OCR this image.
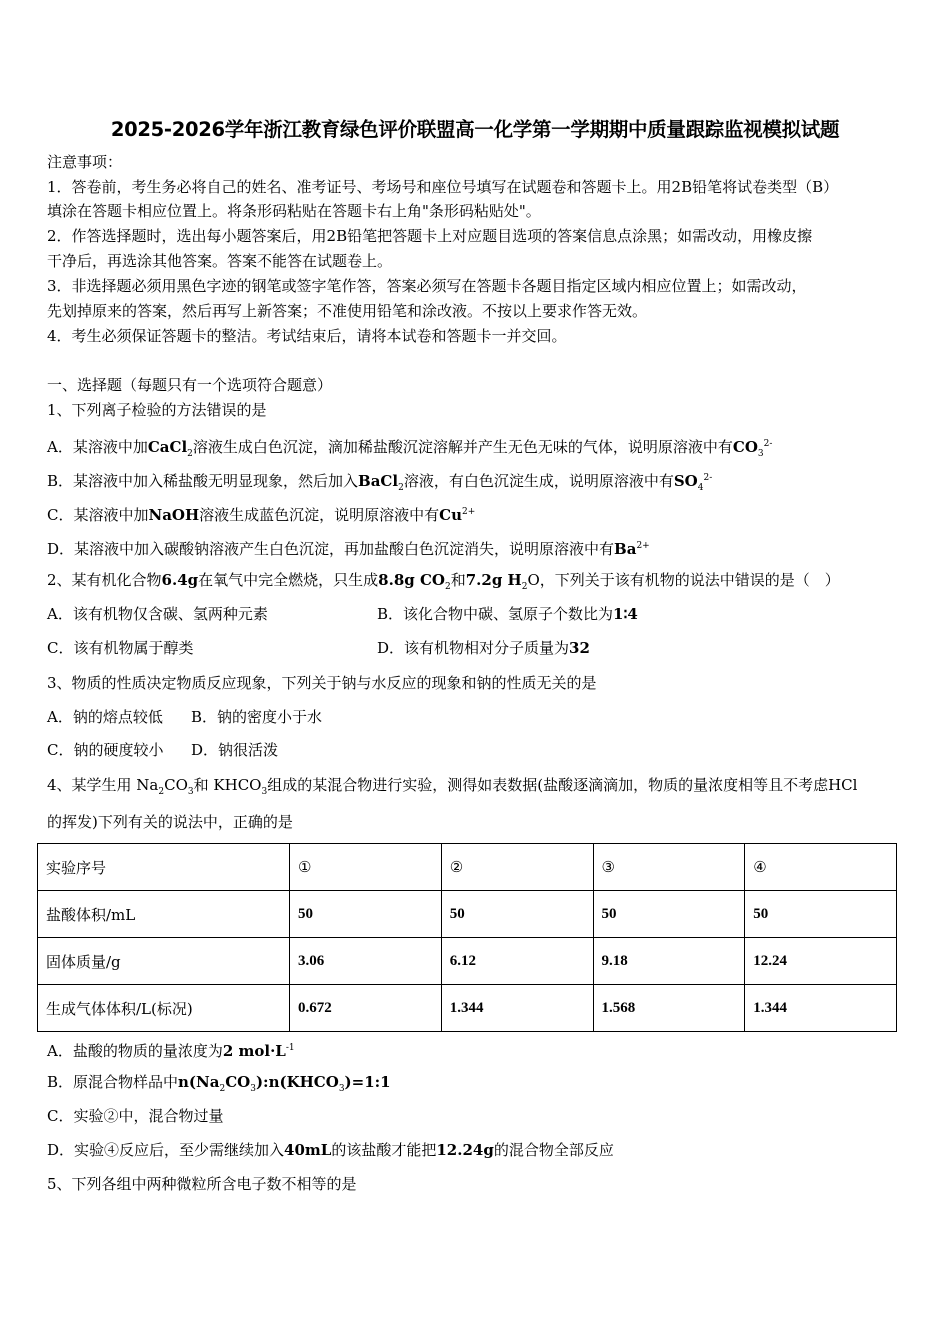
2025-2026学年浙江教育绿色评价联盟高一化学第一学期期中质量跟踪监视模拟试题
注意事项：
1．答卷前，考生务必将自己的姓名、准考证号、考场号和座位号填写在试题卷和答题卡上。用2B铅笔将试卷类型（B）
填涂在答题卡相应位置上。将条形码粘贴在答题卡右上角"条形码粘贴处"。
2．作答选择题时，选出每小题答案后，用2B铅笔把答题卡上对应题目选项的答案信息点涂黑；如需改动，用橡皮擦
干净后，再选涂其他答案。答案不能答在试题卷上。
3．非选择题必须用黑色字迹的钢笔或签字笔作答，答案必须写在答题卡各题目指定区域内相应位置上；如需改动，
先划掉原来的答案，然后再写上新答案；不准使用铅笔和涂改液。不按以上要求作答无效。
4．考生必须保证答题卡的整洁。考试结束后，请将本试卷和答题卡一并交回。
一、选择题（每题只有一个选项符合题意）
1、下列离子检验的方法错误的是
A．某溶液中加CaCl$_2$溶液生成白色沉淀，滴加稀盐酸沉淀溶解并产生无色无味的气体，说明原溶液中有$CO_3^{2-}$
B．某溶液中加入稀盐酸无明显现象，然后加入BaCl$_2$溶液，有白色沉淀生成，说明原溶液中有$SO_4^{2-}$
C．某溶液中加NaOH溶液生成蓝色沉淀，说明原溶液中有$Cu^{2+}$
D．某溶液中加入碳酸钠溶液产生白色沉淀，再加盐酸白色沉淀消失，说明原溶液中有$Ba^{2+}$
2、某有机化合物6.4g在氧气中完全燃烧，只生成8.8g $CO_2$和7.2g $H_2O$，下列关于该有机物的说法中错误的是（　）
A．该有机物仅含碳、氢两种元素	B．该化合物中碳、氢原子个数比为1∶4
C．该有机物属于醇类	D．该有机物相对分子质量为32
3、物质的性质决定物质反应现象，下列关于钠与水反应的现象和钠的性质无关的是
A．钠的熔点较低 B．钠的密度小于水
C．钠的硬度较小 D．钠很活泼
4、某学生用 $Na_2CO_3$和 $KHCO_3$组成的某混合物进行实验，测得如表数据(盐酸逐滴滴加，物质的量浓度相等且不考虑HCl
的挥发)下列有关的说法中，正确的是
实验序号	①	②	③	④
盐酸体积/mL	50	50	50	50
固体质量/g	3.06	6.12	9.18	12.24
生成气体体积/L(标况)	0.672	1.344	1.568	1.344
A．盐酸的物质的量浓度为2 $mol\cdot L^{-1}$
B．原混合物样品中$n(Na_2CO_3):n(KHCO_3)=1:1$
C．实验②中，混合物过量
D．实验④反应后，至少需继续加入40mL的该盐酸才能把12.24g的混合物全部反应
5、下列各组中两种微粒所含电子数不相等的是
